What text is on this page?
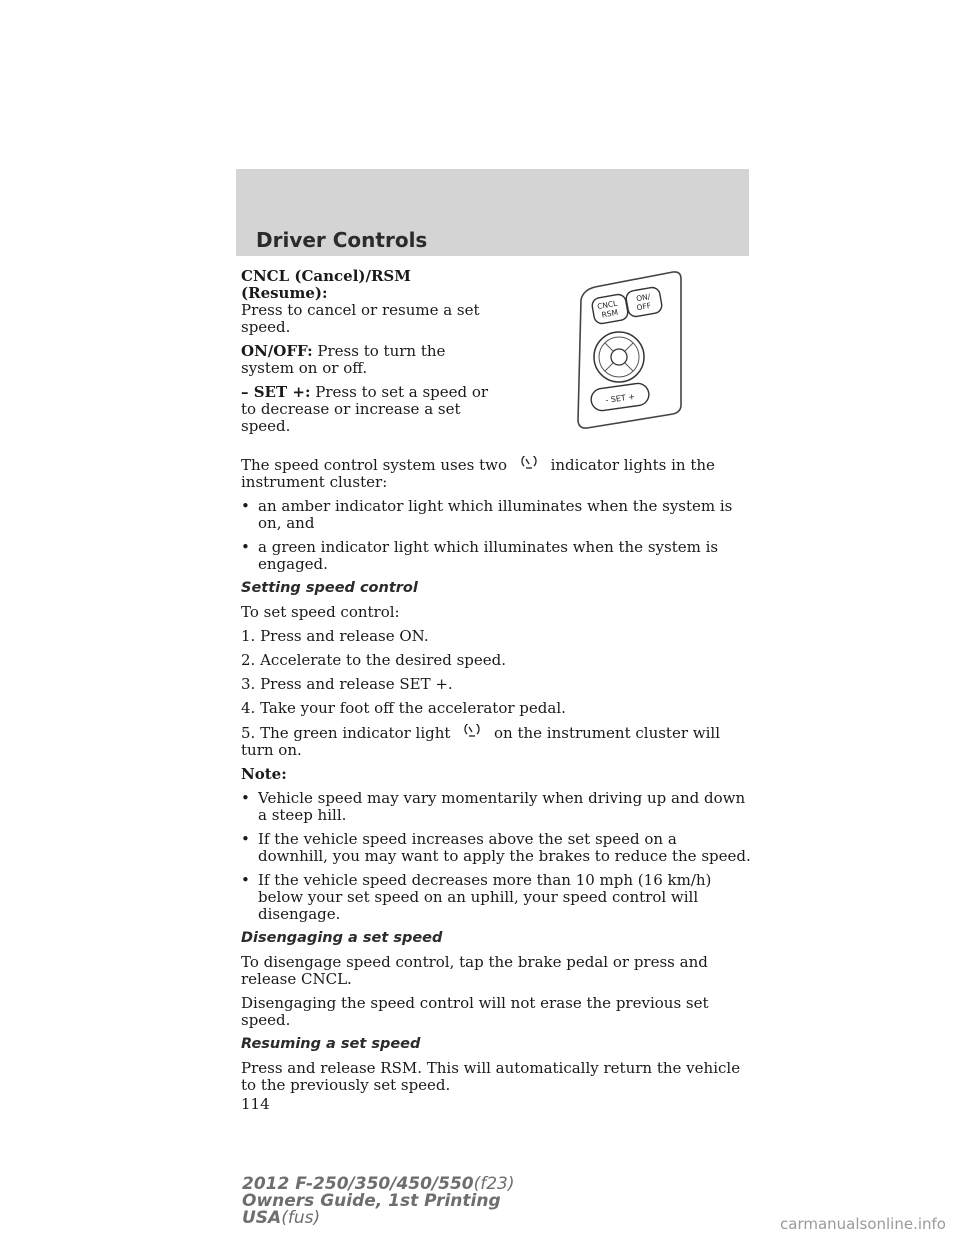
Driver Controls
CNCL
RSM
ON/
OFF
- SET +

CNCL (Cancel)/RSM (Resume):
Press to cancel or resume a set speed.

ON/OFF: Press to turn the system on or off.

– SET +: Press to set a speed or to decrease or increase a set speed.

The speed control system uses two	indicator lights in the instrument cluster:

• an amber indicator light which illuminates when the system is on, and
• a green indicator light which illuminates when the system is engaged.
Setting speed control

To set speed control:

1. Press and release ON.

2. Accelerate to the desired speed.

3. Press and release SET +.

4. Take your foot off the accelerator pedal.

5. The green indicator light	on the instrument cluster will turn on.

Note:

• Vehicle speed may vary momentarily when driving up and down a steep hill.
• If the vehicle speed increases above the set speed on a downhill, you may want to apply the brakes to reduce the speed.
• If the vehicle speed decreases more than 10 mph (16 km/h) below your set speed on an uphill, your speed control will disengage.
Disengaging a set speed

To disengage speed control, tap the brake pedal or press and release CNCL.

Disengaging the speed control will not erase the previous set speed.

Resuming a set speed

Press and release RSM. This will automatically return the vehicle to the previously set speed.

114

2012 F-250/350/450/550(f23)
Owners Guide, 1st Printing
USA(fus)	carmanualsonline.info
